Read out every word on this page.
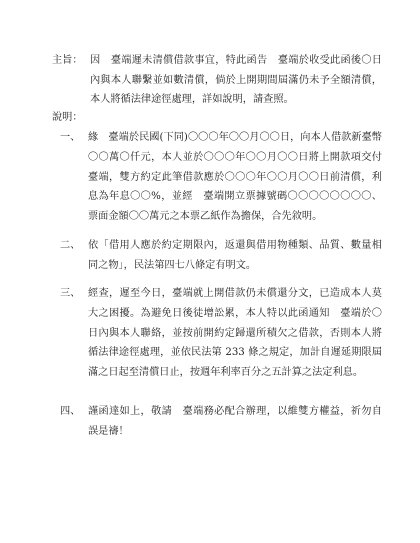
主旨： 因　臺端遲未清償借款事宜，特此函告　臺端於收受此函後〇日內與本人聯繫並如數清償，倘於上開期間屆滿仍未予全額清償，本人將循法律途徑處理，詳如說明，請查照。
說明：
一、 緣　臺端於民國(下同)〇〇〇年〇〇月〇〇日，向本人借款新臺幣〇〇萬〇仟元，本人並於〇〇〇年〇〇月〇〇日將上開款項交付臺端，雙方約定此筆借款應於〇〇〇年〇〇月〇〇日前清償，利息為年息〇〇%，並經　臺端開立票據號碼〇〇〇〇〇〇〇〇、票面金額〇〇萬元之本票乙紙作為擔保，合先敘明。
二、 依「借用人應於約定期限內，返還與借用物種類、品質、數量相同之物」，民法第四七八條定有明文。
三、 經查，遲至今日，臺端就上開借款仍未償還分文，已造成本人莫大之困擾。為避免日後徒增訟累，本人特以此函通知　臺端於〇日內與本人聯絡，並按前開約定歸還所積欠之借款，否則本人將循法律途徑處理，並依民法第 233 條之規定，加計自遲延期限屆滿之日起至清償日止，按週年利率百分之五計算之法定利息。
四、 謹函達如上，敬請　臺端務必配合辦理，以維雙方權益，祈勿自誤是禱！
